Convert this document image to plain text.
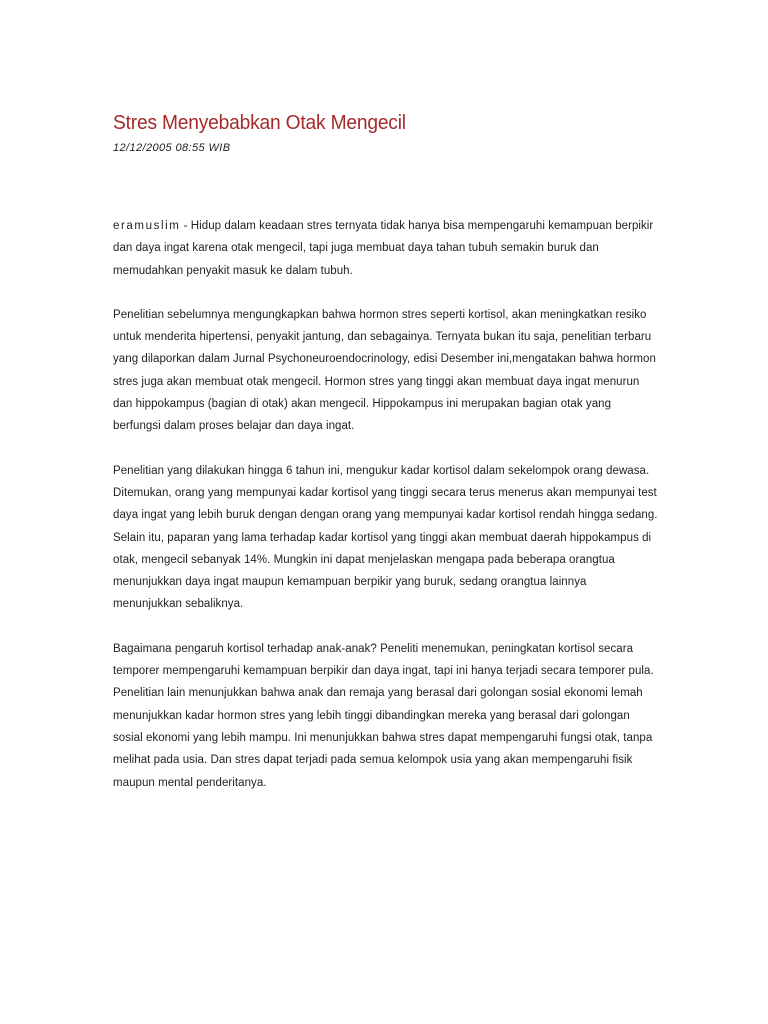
Stres Menyebabkan Otak Mengecil
12/12/2005 08:55 WIB

eramuslim - Hidup dalam keadaan stres ternyata tidak hanya bisa mempengaruhi kemampuan berpikir dan daya ingat karena otak mengecil, tapi juga membuat daya tahan tubuh semakin buruk dan memudahkan penyakit masuk ke dalam tubuh.

Penelitian sebelumnya mengungkapkan bahwa hormon stres seperti kortisol, akan meningkatkan resiko untuk menderita hipertensi, penyakit jantung, dan sebagainya. Ternyata bukan itu saja, penelitian terbaru yang dilaporkan dalam Jurnal Psychoneuroendocrinology, edisi Desember ini,mengatakan bahwa hormon stres juga akan membuat otak mengecil. Hormon stres yang tinggi akan membuat daya ingat menurun dan hippokampus (bagian di otak) akan mengecil. Hippokampus ini merupakan bagian otak yang berfungsi dalam proses belajar dan daya ingat.

Penelitian yang dilakukan hingga 6 tahun ini, mengukur kadar kortisol dalam sekelompok orang dewasa. Ditemukan, orang yang mempunyai kadar kortisol yang tinggi secara terus menerus akan mempunyai test daya ingat yang lebih buruk dengan dengan orang yang mempunyai kadar kortisol rendah hingga sedang. Selain itu, paparan yang lama terhadap kadar kortisol yang tinggi akan membuat daerah hippokampus di otak, mengecil sebanyak 14%. Mungkin ini dapat menjelaskan mengapa pada beberapa orangtua menunjukkan daya ingat maupun kemampuan berpikir yang buruk, sedang orangtua lainnya menunjukkan sebaliknya.

Bagaimana pengaruh kortisol terhadap anak-anak? Peneliti menemukan, peningkatan kortisol secara temporer mempengaruhi kemampuan berpikir dan daya ingat, tapi ini hanya terjadi secara temporer pula. Penelitian lain menunjukkan bahwa anak dan remaja yang berasal dari golongan sosial ekonomi lemah menunjukkan kadar hormon stres yang lebih tinggi dibandingkan mereka yang berasal dari golongan sosial ekonomi yang lebih mampu. Ini menunjukkan bahwa stres dapat mempengaruhi fungsi otak, tanpa melihat pada usia. Dan stres dapat terjadi pada semua kelompok usia yang akan mempengaruhi fisik maupun mental penderitanya.
